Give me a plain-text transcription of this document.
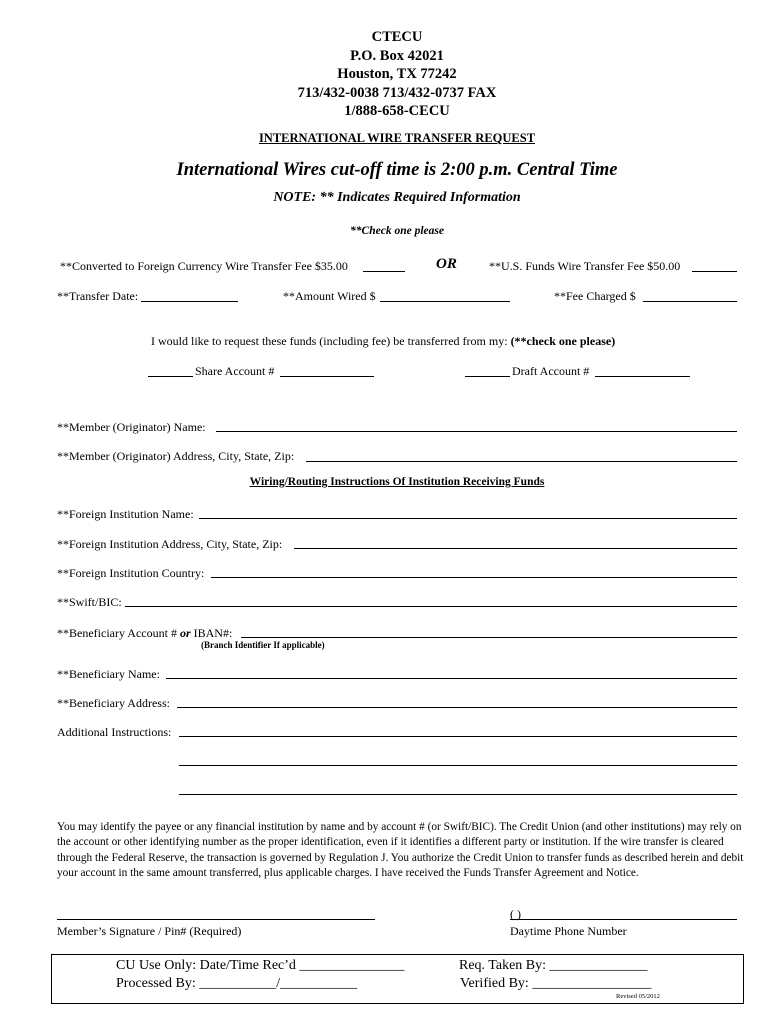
CTECU
P.O. Box 42021
Houston, TX 77242
713/432-0038 713/432-0737 FAX
1/888-658-CECU
INTERNATIONAL WIRE TRANSFER REQUEST
International Wires cut-off time is 2:00 p.m. Central Time
NOTE: ** Indicates Required Information
**Check one please
**Converted to Foreign Currency Wire Transfer Fee $35.00	OR	**U.S. Funds Wire Transfer Fee $50.00
**Transfer Date:	**Amount Wired $	**Fee Charged $
I would like to request these funds (including fee) be transferred from my: (**check one please)
Share Account #	Draft Account #
**Member (Originator) Name:
**Member (Originator) Address, City, State, Zip:
Wiring/Routing Instructions Of Institution Receiving Funds
**Foreign Institution Name:
**Foreign Institution Address, City, State, Zip:
**Foreign Institution Country:
**Swift/BIC:
**Beneficiary Account # or IBAN#:
(Branch Identifier If applicable)
**Beneficiary Name:
**Beneficiary Address:
Additional Instructions:
You may identify the payee or any financial institution by name and by account # (or Swift/BIC). The Credit Union (and other institutions) may rely on the account or other identifying number as the proper identification, even if it identifies a different party or institution. If the wire transfer is cleared through the Federal Reserve, the transaction is governed by Regulation J. You authorize the Credit Union to transfer funds as described herein and debit your account in the same amount transferred, plus applicable charges. I have received the Funds Transfer Agreement and Notice.
Member’s Signature / Pin# (Required)
( )
Daytime Phone Number
CU Use Only: Date/Time Rec’d _______________	Req. Taken By: ______________
Processed By: ___________/___________	Verified By: _________________
Revised 05/2012
